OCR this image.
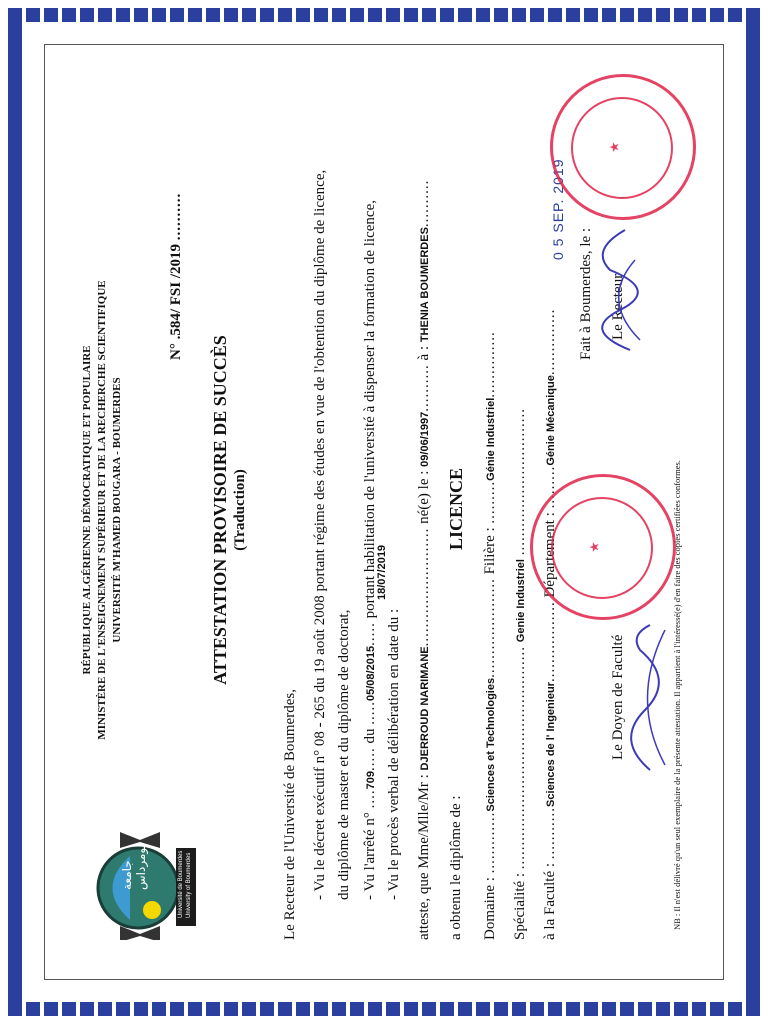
جامعة بومرداس	Université de Boumerdes University of Boumerdes
RÉPUBLIQUE ALGÉRIENNE DÉMOCRATIQUE ET POPULAIRE MINISTÈRE DE L'ENSEIGNEMENT SUPÉRIEUR ET DE LA RECHERCHE SCIENTIFIQUE UNIVERSITÉ M'HAMED BOUGARA - BOUMERDES
N° .584/ FSI /2019 ..........
ATTESTATION PROVISOIRE DE SUCCÈS (Traduction)
Le Recteur de l'Université de Boumerdes, - Vu le décret exécutif n° 08 - 265 du 19 août 2008 portant régime des études en vue de l'obtention du diplôme de licence, du diplôme de master et du diplôme de doctorat, - Vu l'arrêté n° ....709..... du .....05/08/2015..... portant habilitation de l'université à dispenser la formation de licence,
- Vu le procès verbal de délibération en date du :
18/07/2019
atteste, que Mme/Mlle/Mr : DJERROUD NARIMANE......................... né(e) le : 09/06/1997.......... à : THENIA BOUMERDES..........
a obtenu le diplôme de :
LICENCE
Domaine : .............Sciences et Technologies..................... Filière : .........Génie Industriel..............
Spécialité : ............................................... Genie Industriel ...............................
à la Faculté : ...........Sciences de l' Ingenieur................. Département : .........Génie Mécanique.............. Fait à Boumerdes, le :
0 5 SEP. 2019
Le Recteur
Le Doyen de Faculté
★
★
NB : Il n'est délivré qu'un seul exemplaire de la présente attestation. Il appartient à l'intéressé(e) d'en faire des copies certifiées conformes.
